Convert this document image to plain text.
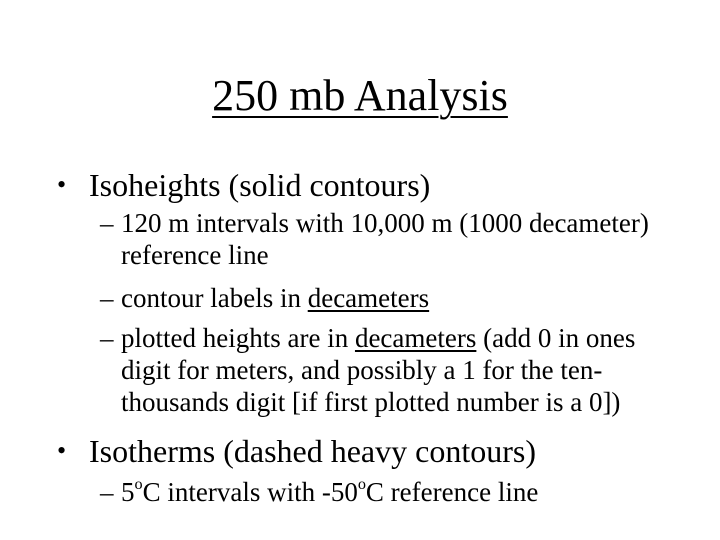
250 mb Analysis
• Isoheights (solid contours)
– 120 m intervals with 10,000 m (1000 decameter) reference line
– contour labels in decameters
– plotted heights are in decameters (add 0 in ones digit for meters, and possibly a 1 for the ten-thousands digit [if first plotted number is a 0])
• Isotherms (dashed heavy contours)
– 5$^o$C intervals with -50$^o$C reference line
